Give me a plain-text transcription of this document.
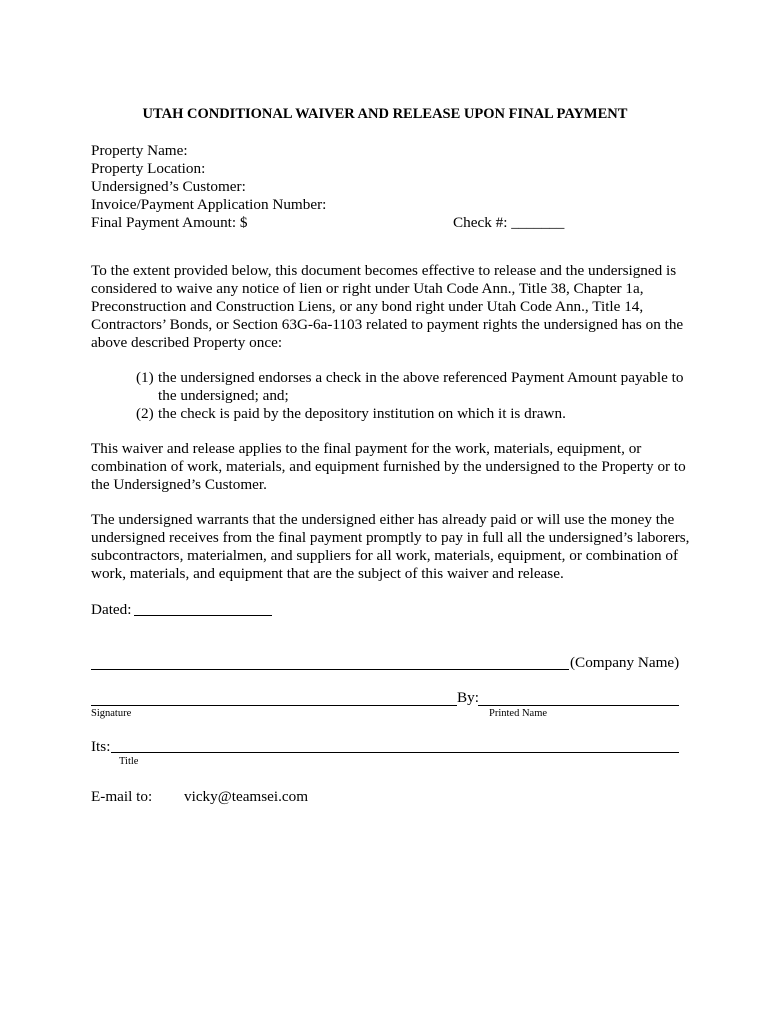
UTAH CONDITIONAL WAIVER AND RELEASE UPON FINAL PAYMENT
Property Name:
Property Location:
Undersigned’s Customer:
Invoice/Payment Application Number:
Final Payment Amount: $	Check #: _______
To the extent provided below, this document becomes effective to release and the undersigned is considered to waive any notice of lien or right under Utah Code Ann., Title 38, Chapter 1a, Preconstruction and Construction Liens, or any bond right under Utah Code Ann., Title 14, Contractors’ Bonds, or Section 63G-6a-1103 related to payment rights the undersigned has on the above described Property once:
(1) the undersigned endorses a check in the above referenced Payment Amount payable to the undersigned; and;
(2) the check is paid by the depository institution on which it is drawn.
This waiver and release applies to the final payment for the work, materials, equipment, or combination of work, materials, and equipment furnished by the undersigned to the Property or to the Undersigned’s Customer.
The undersigned warrants that the undersigned either has already paid or will use the money the undersigned receives from the final payment promptly to pay in full all the undersigned’s laborers, subcontractors, materialmen, and suppliers for all work, materials, equipment, or combination of work, materials, and equipment that are the subject of this waiver and release.
Dated:
(Company Name)
By:
Signature	Printed Name
Its:
Title
E-mail to: vicky@teamsei.com
